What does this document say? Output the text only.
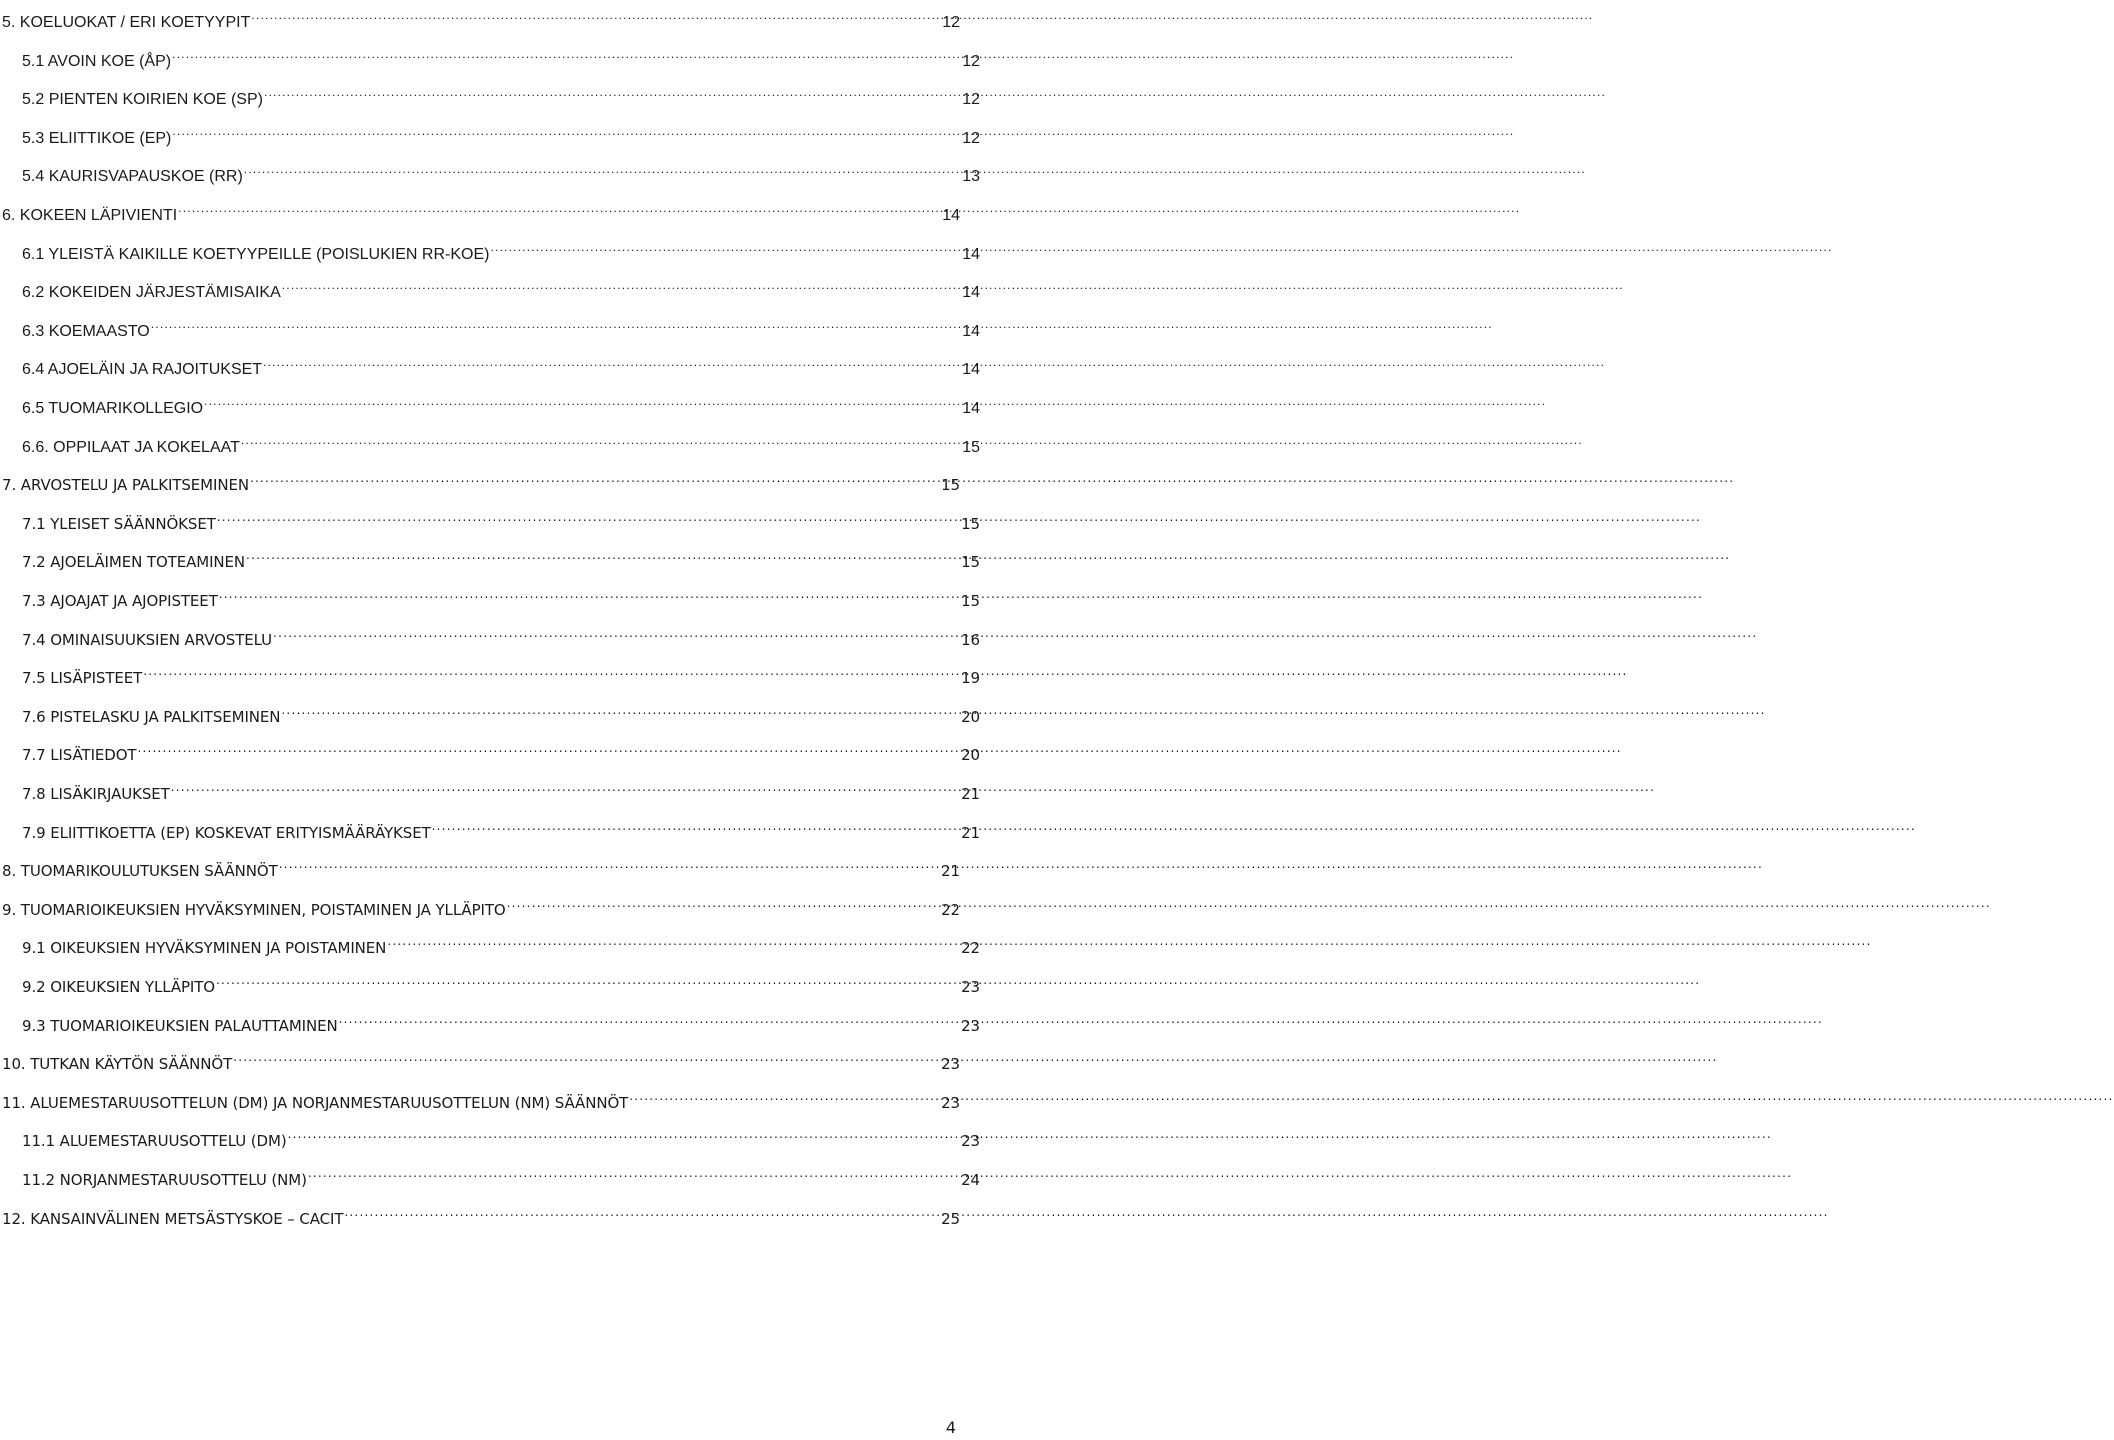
5. KOELUOKAT / ERI KOETYYPIT .....	12
5.1 AVOIN KOE (ÅP) .....	12
5.2 PIENTEN KOIRIEN KOE (SP) .....	12
5.3 ELIITTIKOE (EP) .....	12
5.4 KAURISVAPAUSKOE (RR) .....	13
6. KOKEEN LÄPIVIENTI .....	14
6.1 YLEISTÄ KAIKILLE KOETYYPEILLE (POISLUKIEN RR-KOE) .....	14
6.2 KOKEIDEN JÄRJESTÄMISAIKA .....	14
6.3 KOEMAASTO .....	14
6.4 AJOELÄIN JA RAJOITUKSET .....	14
6.5 TUOMARIKOLLEGIO .....	14
6.6. OPPILAAT JA KOKELAAT .....	15
7. ARVOSTELU JA PALKITSEMINEN .....	15
7.1 YLEISET SÄÄNNÖKSET .....	15
7.2 AJOELÄIMEN TOTEAMINEN .....	15
7.3 AJOAJAT JA AJOPISTEET .....	15
7.4 OMINAISUUKSIEN ARVOSTELU .....	16
7.5 LISÄPISTEET .....	19
7.6 PISTELASKU JA PALKITSEMINEN .....	20
7.7 LISÄTIEDOT .....	20
7.8 LISÄKIRJAUKSET .....	21
7.9 ELIITTIKOETTA (EP) KOSKEVAT ERITYISMÄÄRÄYKSET .....	21
8. TUOMARIKOULUTUKSEN SÄÄNNÖT .....	21
9. TUOMARIOIKEUKSIEN HYVÄKSYMINEN, POISTAMINEN JA YLLÄPITO .....	22
9.1 OIKEUKSIEN HYVÄKSYMINEN JA POISTAMINEN .....	22
9.2 OIKEUKSIEN YLLÄPITO .....	23
9.3 TUOMARIOIKEUKSIEN PALAUTTAMINEN .....	23
10. TUTKAN KÄYTÖN SÄÄNNÖT .....	23
11. ALUEMESTARUUSOTTELUN (DM) JA NORJANMESTARUUSOTTELUN (NM) SÄÄNNÖT .....	23
11.1 ALUEMESTARUUSOTTELU (DM) .....	23
11.2 NORJANMESTARUUSOTTELU (NM) .....	24
12. KANSAINVÄLINEN METSÄSTYSKOE – CACIT .....	25
4
